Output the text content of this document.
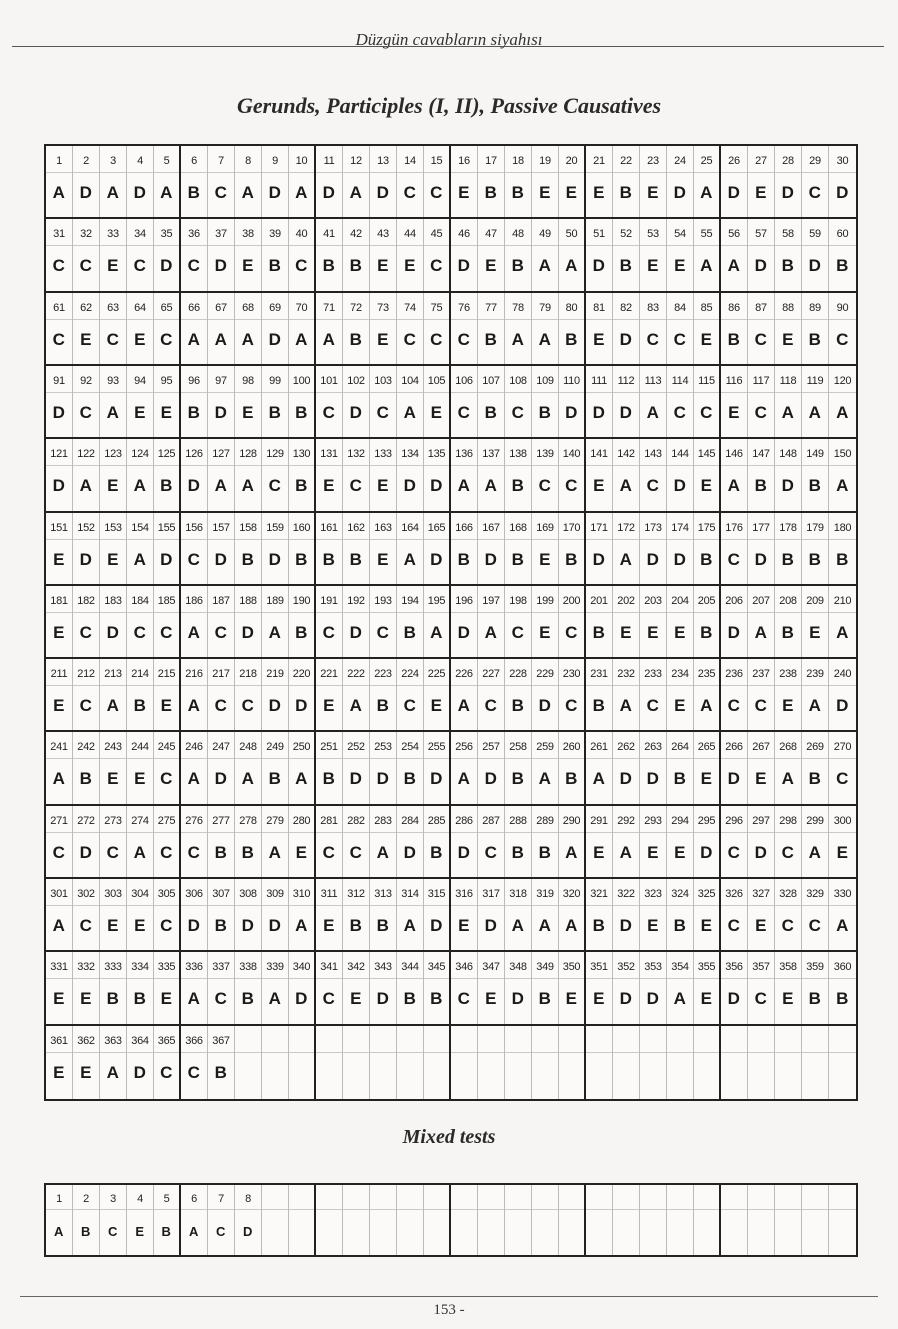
Düzgün cavabların siyahısı
Gerunds, Participles (I, II), Passive Causatives
1
A
2
D
3
A
4
D
5
A
6
B
7
C
8
A
9
D
10
A
11
D
12
A
13
D
14
C
15
C
16
E
17
B
18
B
19
E
20
E
21
E
22
B
23
E
24
D
25
A
26
D
27
E
28
D
29
C
30
D
31
C
32
C
33
E
34
C
35
D
36
C
37
D
38
E
39
B
40
C
41
B
42
B
43
E
44
E
45
C
46
D
47
E
48
B
49
A
50
A
51
D
52
B
53
E
54
E
55
A
56
A
57
D
58
B
59
D
60
B
61
C
62
E
63
C
64
E
65
C
66
A
67
A
68
A
69
D
70
A
71
A
72
B
73
E
74
C
75
C
76
C
77
B
78
A
79
A
80
B
81
E
82
D
83
C
84
C
85
E
86
B
87
C
88
E
89
B
90
C
91
D
92
C
93
A
94
E
95
E
96
B
97
D
98
E
99
B
100
B
101
C
102
D
103
C
104
A
105
E
106
C
107
B
108
C
109
B
110
D
111
D
112
D
113
A
114
C
115
C
116
E
117
C
118
A
119
A
120
A
121
D
122
A
123
E
124
A
125
B
126
D
127
A
128
A
129
C
130
B
131
E
132
C
133
E
134
D
135
D
136
A
137
A
138
B
139
C
140
C
141
E
142
A
143
C
144
D
145
E
146
A
147
B
148
D
149
B
150
A
151
E
152
D
153
E
154
A
155
D
156
C
157
D
158
B
159
D
160
B
161
B
162
B
163
E
164
A
165
D
166
B
167
D
168
B
169
E
170
B
171
D
172
A
173
D
174
D
175
B
176
C
177
D
178
B
179
B
180
B
181
E
182
C
183
D
184
C
185
C
186
A
187
C
188
D
189
A
190
B
191
C
192
D
193
C
194
B
195
A
196
D
197
A
198
C
199
E
200
C
201
B
202
E
203
E
204
E
205
B
206
D
207
A
208
B
209
E
210
A
211
E
212
C
213
A
214
B
215
E
216
A
217
C
218
C
219
D
220
D
221
E
222
A
223
B
224
C
225
E
226
A
227
C
228
B
229
D
230
C
231
B
232
A
233
C
234
E
235
A
236
C
237
C
238
E
239
A
240
D
241
A
242
B
243
E
244
E
245
C
246
A
247
D
248
A
249
B
250
A
251
B
252
D
253
D
254
B
255
D
256
A
257
D
258
B
259
A
260
B
261
A
262
D
263
D
264
B
265
E
266
D
267
E
268
A
269
B
270
C
271
C
272
D
273
C
274
A
275
C
276
C
277
B
278
B
279
A
280
E
281
C
282
C
283
A
284
D
285
B
286
D
287
C
288
B
289
B
290
A
291
E
292
A
293
E
294
E
295
D
296
C
297
D
298
C
299
A
300
E
301
A
302
C
303
E
304
E
305
C
306
D
307
B
308
D
309
D
310
A
311
E
312
B
313
B
314
A
315
D
316
E
317
D
318
A
319
A
320
A
321
B
322
D
323
E
324
B
325
E
326
C
327
E
328
C
329
C
330
A
331
E
332
E
333
B
334
B
335
E
336
A
337
C
338
B
339
A
340
D
341
C
342
E
343
D
344
B
345
B
346
C
347
E
348
D
349
B
350
E
351
E
352
D
353
D
354
A
355
E
356
D
357
C
358
E
359
B
360
B
361
E
362
E
363
A
364
D
365
C
366
C
367
B
Mixed tests
1
A
2
B
3
C
4
E
5
B
6
A
7
C
8
D
153 -
